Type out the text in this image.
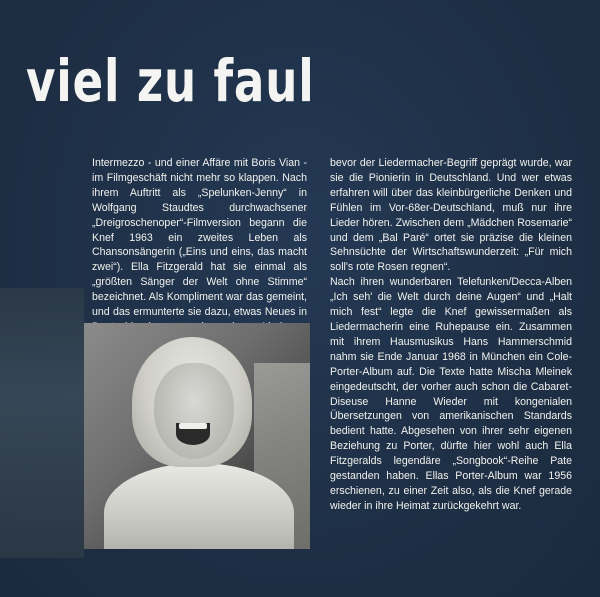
viel zu faul

Intermezzo - und einer Affäre mit Boris Vian - im Filmgeschäft nicht mehr so klappen. Nach ihrem Auftritt als „Spelunken-Jenny“ in Wolfgang Staudtes durchwachsener „Dreigroschenoper“-Filmversion begann die Knef 1963 ein zweites Leben als Chansonsängerin („Eins und eins, das macht zwei“). Ella Fitzgerald hat sie einmal als „größten Sänger der Welt ohne Stimme“ bezeichnet. Als Kompliment war das gemeint, und das ermunterte sie dazu, etwas Neues in

bevor der Liedermacher-Begriff geprägt wurde, war sie die Pionierin in Deutschland. Und wer etwas erfahren will über das kleinbürgerliche Denken und Fühlen im Vor-68er-Deutschland, muß nur ihre Lieder hören. Zwischen dem „Mädchen Rosemarie“ und dem „Bal Paré“ ortet sie präzise die kleinen Sehnsüchte der Wirtschaftswunderzeit: „Für mich soll's rote Rosen regnen“.

Nach ihren wunderbaren Telefunken/Decca-Alben „Ich seh' die Welt durch deine Augen“ und „Halt mich fest“ legte die Knef gewissermaßen als Liedermacherin eine Ruhepause ein. Zusammen mit ihrem Hausmusikus Hans Hammerschmid nahm sie Ende Januar 1968 in München ein Cole-Porter-Album auf. Die Texte hatte Mischa Mleinek eingedeutscht, der vorher auch schon die Cabaret-Diseuse Hanne Wieder mit kongenialen Übersetzungen von amerikanischen Standards bedient hatte. Abgesehen von ihrer sehr eigenen Beziehung zu Porter, dürfte hier wohl auch Ella Fitzgeralds legendäre „Songbook“-Reihe Pate gestanden haben. Ellas Porter-Album war 1956 erschienen, zu einer Zeit also, als die Knef gerade wieder in ihre Heimat zurückgekehrt war.
